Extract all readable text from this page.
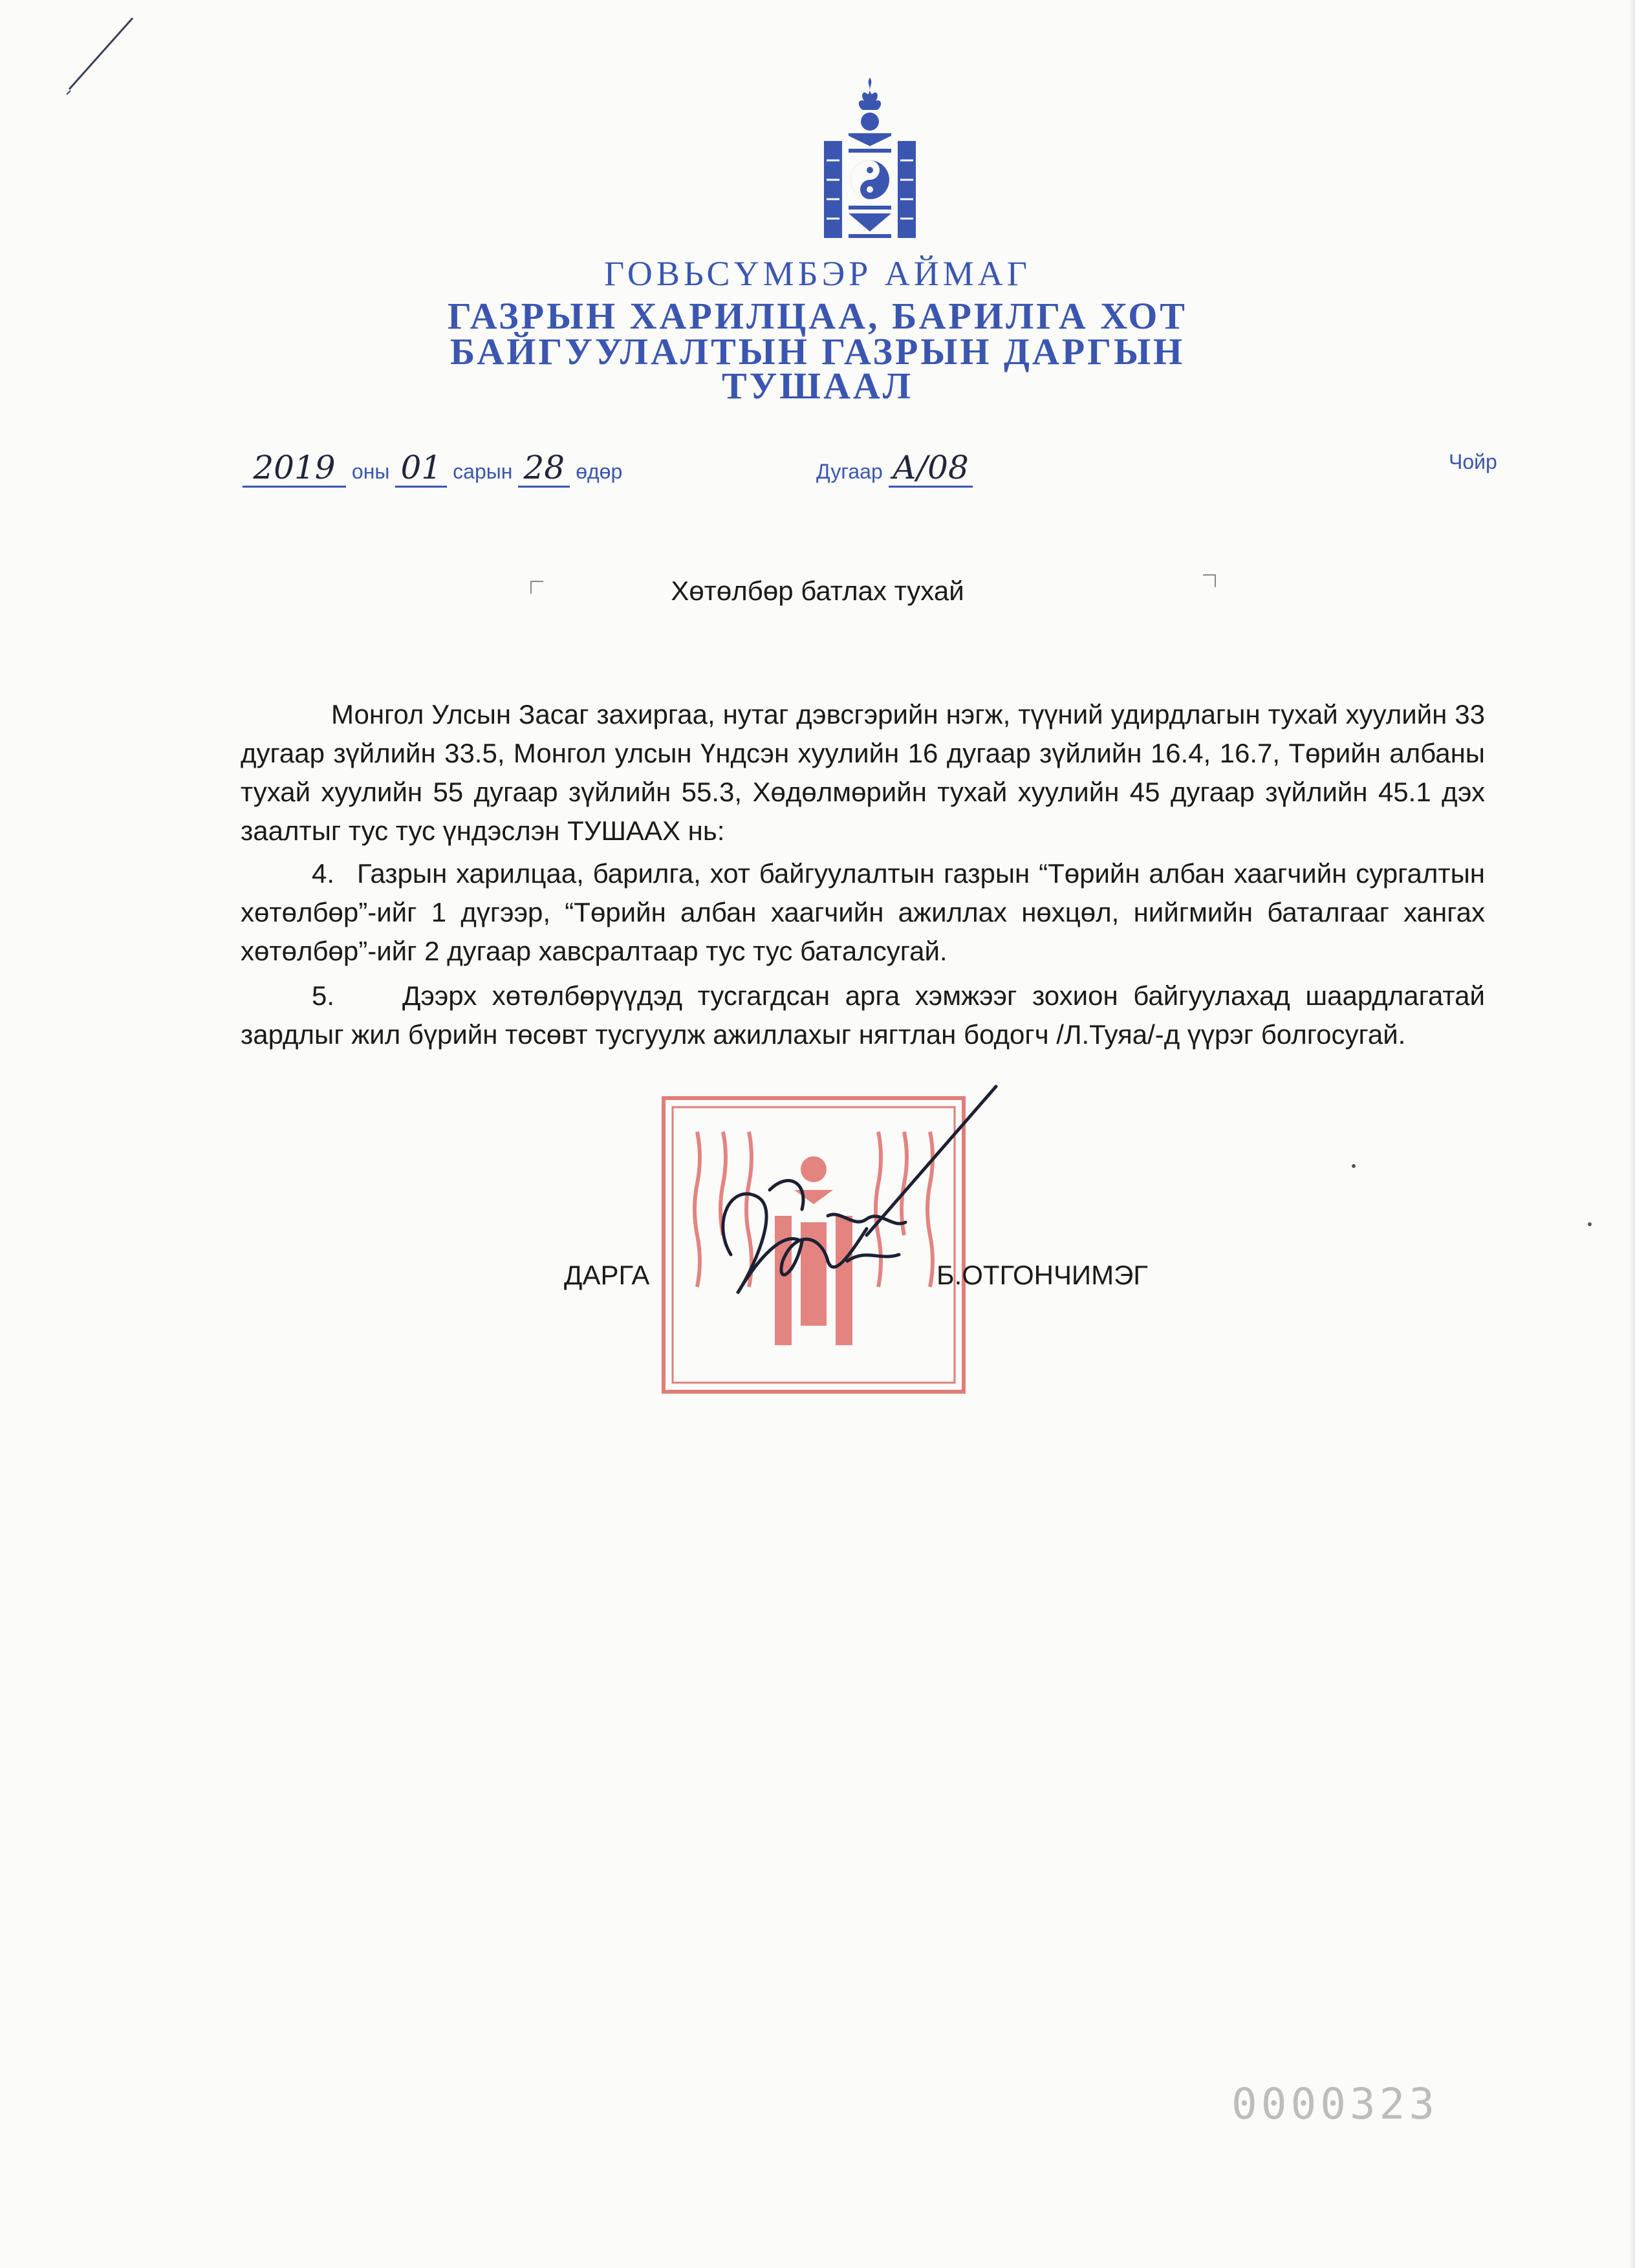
ГОВЬСҮМБЭР АЙМАГ
ГАЗРЫН ХАРИЛЦАА, БАРИЛГА ХОТ
БАЙГУУЛАЛТЫН ГАЗРЫН ДАРГЫН
ТУШААЛ
2019 оны 01 сарын 28 өдөр	Дугаар А/08	Чойр
Хөтөлбөр батлах тухай
Монгол Улсын Засаг захиргаа, нутаг дэвсгэрийн нэгж, түүний удирдлагын тухай хуулийн 33 дугаар зүйлийн 33.5, Монгол улсын Үндсэн хуулийн 16 дугаар зүйлийн 16.4, 16.7, Төрийн албаны тухай хуулийн 55 дугаар зүйлийн 55.3, Хөдөлмөрийн тухай хуулийн 45 дугаар зүйлийн 45.1 дэх заалтыг тус тус үндэслэн ТУШААХ нь:
4. Газрын харилцаа, барилга, хот байгуулалтын газрын “Төрийн албан хаагчийн сургалтын хөтөлбөр”-ийг 1 дүгээр, “Төрийн албан хаагчийн ажиллах нөхцөл, нийгмийн баталгааг хангах хөтөлбөр”-ийг 2 дугаар хавсралтаар тус тус батaлсугай.
5. Дээрх хөтөлбөрүүдэд тусгагдсан арга хэмжээг зохион байгуулахад шаардлагатай зардлыг жил бүрийн төсөвт тусгуулж ажиллахыг нягтлан бодогч /Л.Туяа/-д үүрэг болгосугай.
ДАРГА	Б.ОТГОНЧИМЭГ
0000323
